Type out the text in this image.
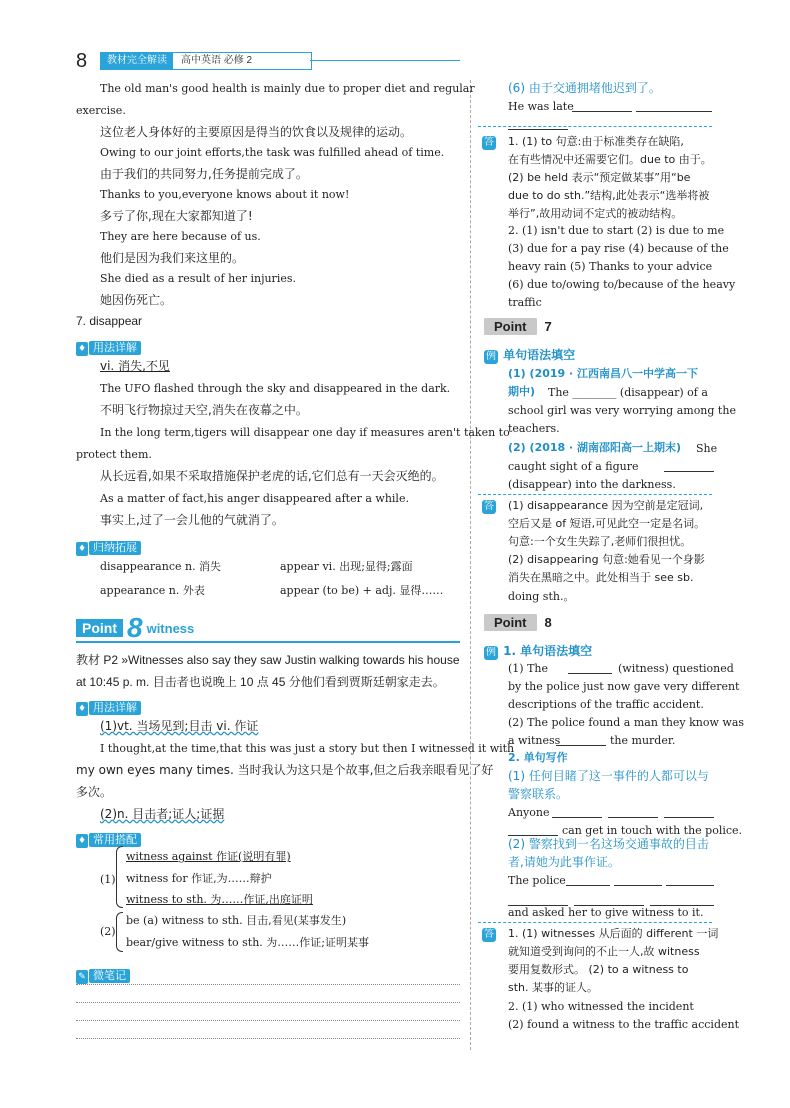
8	教材完全解读	高中英语 必修 2
The old man's good health is mainly due to proper diet and regular
exercise.
这位老人身体好的主要原因是得当的饮食以及规律的运动。
Owing to our joint efforts,the task was fulfilled ahead of time.
由于我们的共同努力,任务提前完成了。
Thanks to you,everyone knows about it now!
多亏了你,现在大家都知道了!
They are here because of us.
他们是因为我们来这里的。
She died as a result of her injuries.
她因伤死亡。
7. disappear
♦ 用法详解
vi. 消失,不见
The UFO flashed through the sky and disappeared in the dark.
不明飞行物掠过天空,消失在夜幕之中。
In the long term,tigers will disappear one day if measures aren't taken to
protect them.
从长远看,如果不采取措施保护老虎的话,它们总有一天会灭绝的。
As a matter of fact,his anger disappeared after a while.
事实上,过了一会儿他的气就消了。
♦ 归纳拓展
disappearance n. 消失	appear vi. 出现;显得;露面
appearance n. 外表	appear (to be) + adj. 显得……
Point 8 witness
教材 P2 »Witnesses also say they saw Justin walking towards his house
at 10:45 p. m. 目击者也说晚上 10 点 45 分他们看到贾斯廷朝家走去。
♦ 用法详解
(1)vt. 当场见到;目击 vi. 作证
I thought,at the time,that this was just a story but then I witnessed it with
my own eyes many times. 当时我认为这只是个故事,但之后我亲眼看见了好
多次。
(2)n. 目击者;证人;证据
♦ 常用搭配
(1)
witness against 作证(说明有罪)
witness for 作证,为……辩护
witness to sth. 为……作证,出庭证明
(2)
be (a) witness to sth. 目击,看见(某事发生)
bear/give witness to sth. 为……作证;证明某事
✎ 微笔记
(6) 由于交通拥堵他迟到了。
He was late
答 1. (1) to 句意:由于标准类存在缺陷,
在有些情况中还需要它们。due to 由于。
(2) be held 表示“预定做某事”用“be
due to do sth.”结构,此处表示“选举将被
举行”,故用动词不定式的被动结构。
2. (1) isn't due to start (2) is due to me
(3) due for a pay rise (4) because of the
heavy rain (5) Thanks to your advice
(6) due to/owing to/because of the heavy
traffic
Point	7
例 单句语法填空
(1) (2019 · 江西南昌八一中学高一下
期中) The ________ (disappear) of a
school girl was very worrying among the
teachers.
(2) (2018 · 湖南邵阳高一上期末) She
caught sight of a figure
(disappear) into the darkness.
答 (1) disappearance 因为空前是定冠词,
空后又是 of 短语,可见此空一定是名词。
句意:一个女生失踪了,老师们很担忧。
(2) disappearing 句意:她看见一个身影
消失在黑暗之中。此处相当于 see sb.
doing sth.。
Point	8
例 1. 单句语法填空
(1) The	(witness) questioned
by the police just now gave very different
descriptions of the traffic accident.
(2) The police found a man they know was
a witness	the murder.
2. 单句写作
(1) 任何目睹了这一事件的人都可以与
警察联系。
Anyone
can get in touch with the police.
(2) 警察找到一名这场交通事故的目击
者,请她为此事作证。
The police
and asked her to give witness to it.
答 1. (1) witnesses 从后面的 different 一词
就知道受到询问的不止一人,故 witness
要用复数形式。 (2) to a witness to
sth. 某事的证人。
2. (1) who witnessed the incident
(2) found a witness to the traffic accident
